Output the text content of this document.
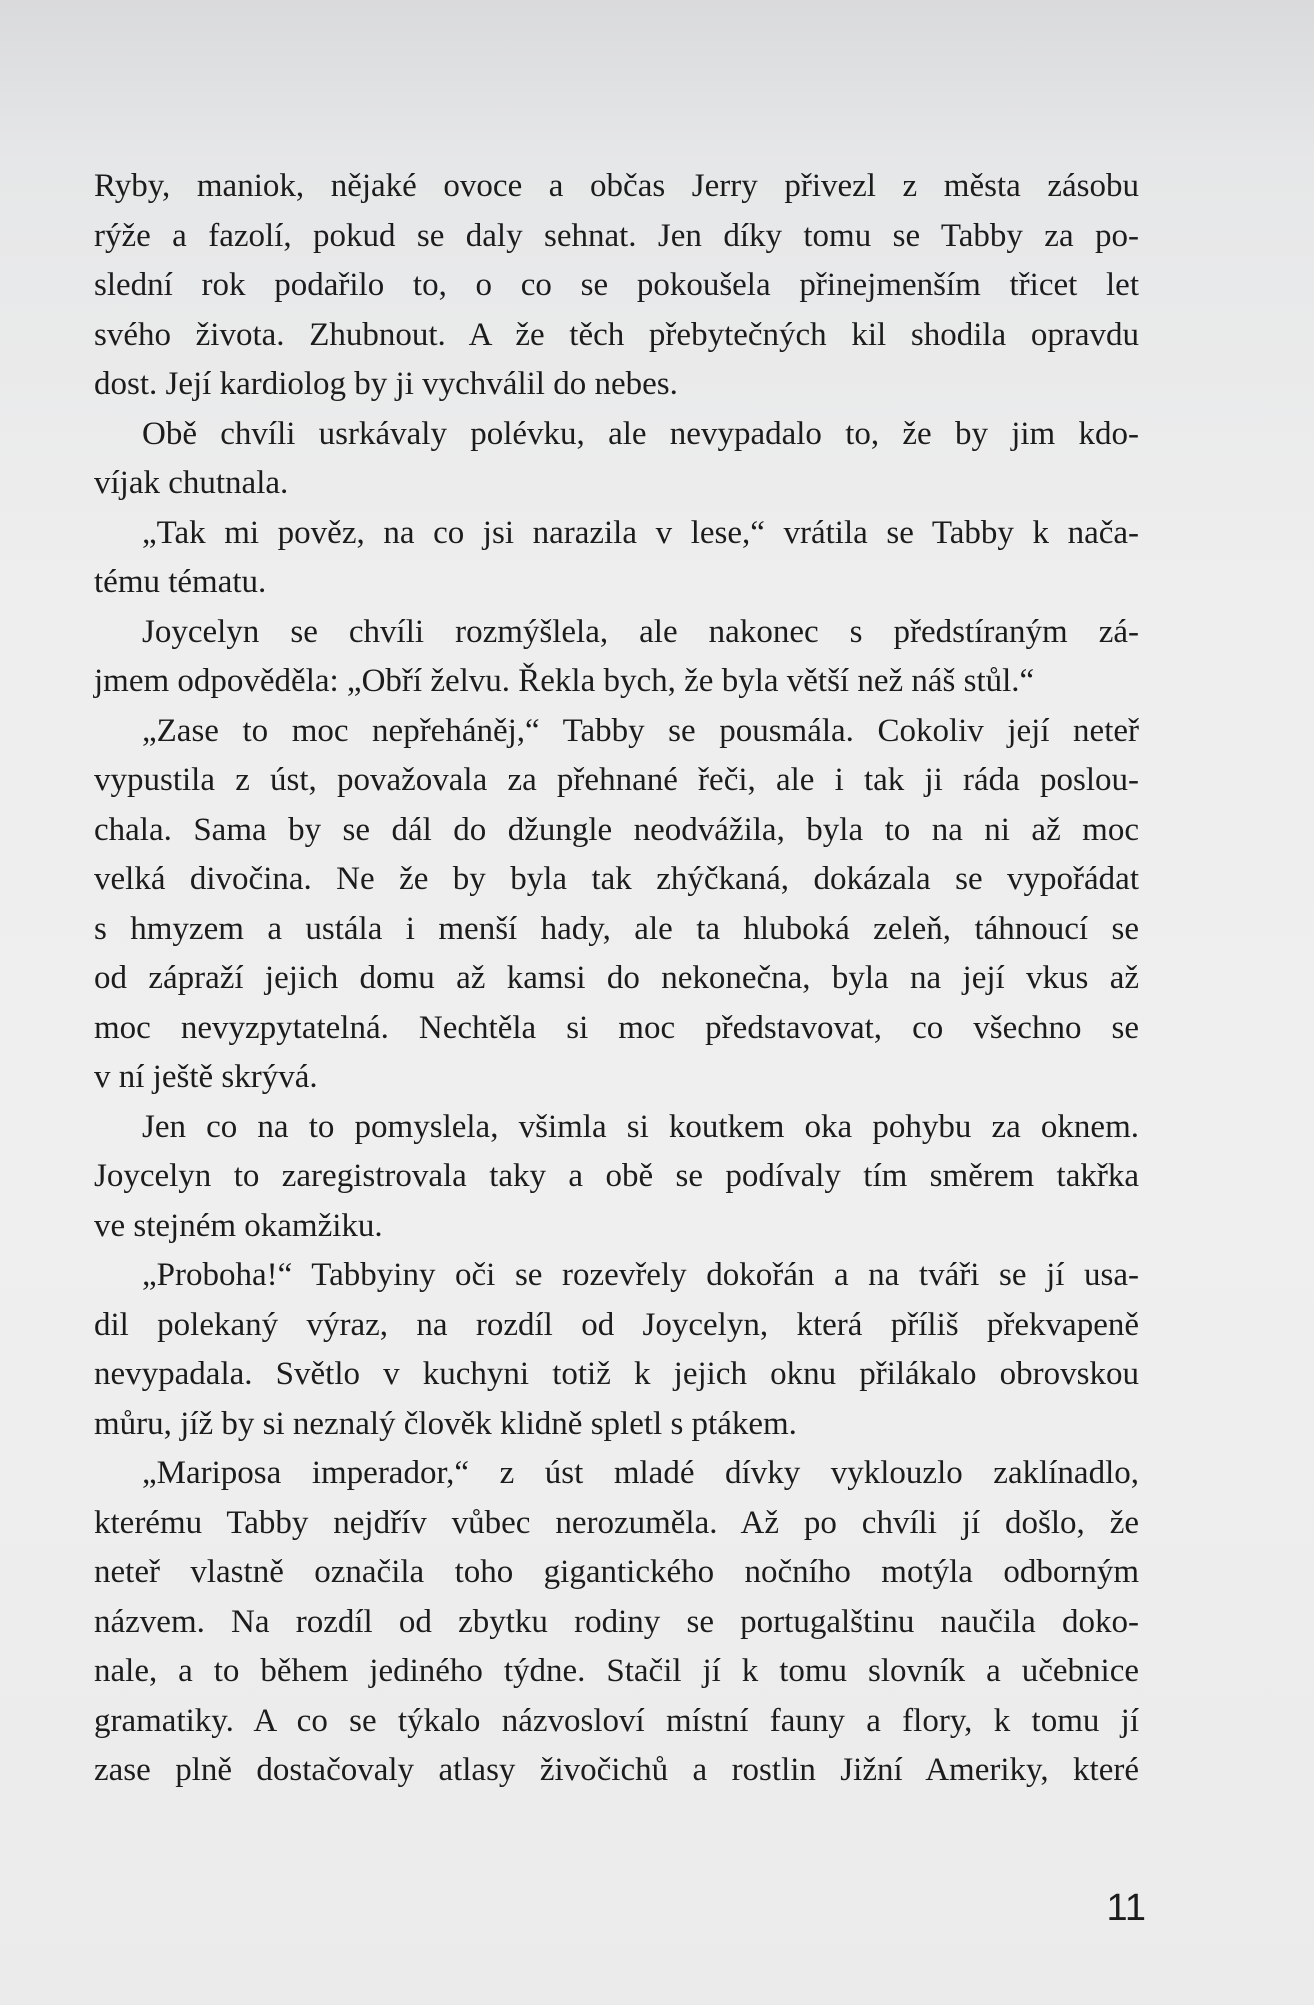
Ryby, maniok, nějaké ovoce a občas Jerry přivezl z města zásobu
rýže a fazolí, pokud se daly sehnat. Jen díky tomu se Tabby za po-
slední rok podařilo to, o co se pokoušela přinejmenším třicet let
svého života. Zhubnout. A že těch přebytečných kil shodila opravdu
dost. Její kardiolog by ji vychválil do nebes.
Obě chvíli usrkávaly polévku, ale nevypadalo to, že by jim kdo-
víjak chutnala.
„Tak mi pověz, na co jsi narazila v lese,“ vrátila se Tabby k nača-
tému tématu.
Joycelyn se chvíli rozmýšlela, ale nakonec s předstíraným zá-
jmem odpověděla: „Obří želvu. Řekla bych, že byla větší než náš stůl.“
„Zase to moc nepřeháněj,“ Tabby se pousmála. Cokoliv její neteř
vypustila z úst, považovala za přehnané řeči, ale i tak ji ráda poslou-
chala. Sama by se dál do džungle neodvážila, byla to na ni až moc
velká divočina. Ne že by byla tak zhýčkaná, dokázala se vypořádat
s hmyzem a ustála i menší hady, ale ta hluboká zeleň, táhnoucí se
od zápraží jejich domu až kamsi do nekonečna, byla na její vkus až
moc nevyzpytatelná. Nechtěla si moc představovat, co všechno se
v ní ještě skrývá.
Jen co na to pomyslela, všimla si koutkem oka pohybu za oknem.
Joycelyn to zaregistrovala taky a obě se podívaly tím směrem takřka
ve stejném okamžiku.
„Proboha!“ Tabbyiny oči se rozevřely dokořán a na tváři se jí usa-
dil polekaný výraz, na rozdíl od Joycelyn, která příliš překvapeně
nevypadala. Světlo v kuchyni totiž k jejich oknu přilákalo obrovskou
můru, jíž by si neznalý člověk klidně spletl s ptákem.
„Mariposa imperador,“ z úst mladé dívky vyklouzlo zaklínadlo,
kterému Tabby nejdřív vůbec nerozuměla. Až po chvíli jí došlo, že
neteř vlastně označila toho gigantického nočního motýla odborným
názvem. Na rozdíl od zbytku rodiny se portugalštinu naučila doko-
nale, a to během jediného týdne. Stačil jí k tomu slovník a učebnice
gramatiky. A co se týkalo názvosloví místní fauny a flory, k tomu jí
zase plně dostačovaly atlasy živočichů a rostlin Jižní Ameriky, které
11
